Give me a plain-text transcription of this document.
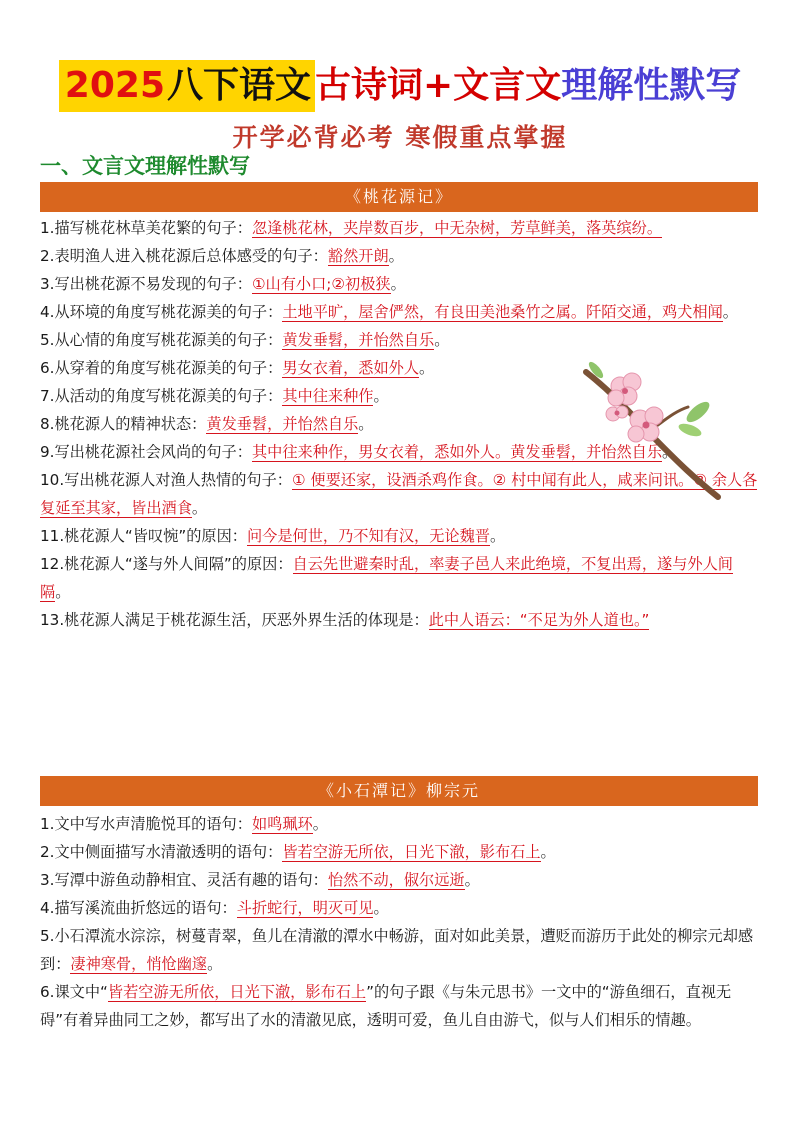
2025 八下语文 古诗词+文言文 理解性默写
开学必背必考 寒假重点掌握
一、文言文理解性默写
《桃花源记》
1.描写桃花林草美花繁的句子：忽逢桃花林，夹岸数百步，中无杂树，芳草鲜美，落英缤纷。
2.表明渔人进入桃花源后总体感受的句子：豁然开朗。
3.写出桃花源不易发现的句子：①山有小口;②初极狭。
4.从环境的角度写桃花源美的句子：土地平旷，屋舍俨然，有良田美池桑竹之属。阡陌交通，鸡犬相闻。
5.从心情的角度写桃花源美的句子：黄发垂髫，并怡然自乐。
6.从穿着的角度写桃花源美的句子：男女衣着，悉如外人。
7.从活动的角度写桃花源美的句子：其中往来种作。
8.桃花源人的精神状态：黄发垂髫，并怡然自乐。
9.写出桃花源社会风尚的句子：其中往来种作，男女衣着，悉如外人。黄发垂髫，并怡然自乐。
10.写出桃花源人对渔人热情的句子：① 便要还家，设酒杀鸡作食。② 村中闻有此人，咸来问讯。③ 余人各复延至其家，皆出酒食。
11.桃花源人“皆叹惋”的原因：问今是何世，乃不知有汉，无论魏晋。
12.桃花源人“遂与外人间隔”的原因：自云先世避秦时乱，率妻子邑人来此绝境，不复出焉，遂与外人间隔。
13.桃花源人满足于桃花源生活，厌恶外界生活的体现是：此中人语云：“不足为外人道也。”
《小石潭记》柳宗元
1.文中写水声清脆悦耳的语句：如鸣珮环。
2.文中侧面描写水清澈透明的语句：皆若空游无所依，日光下澈，影布石上。
3.写潭中游鱼动静相宜、灵活有趣的语句：怡然不动，俶尔远逝。
4.描写溪流曲折悠远的语句：斗折蛇行，明灭可见。
5.小石潭流水淙淙，树蔓青翠，鱼儿在清澈的潭水中畅游，面对如此美景，遭贬而游历于此处的柳宗元却感到：凄神寒骨，悄怆幽邃。
6.课文中“皆若空游无所依，日光下澈，影布石上”的句子跟《与朱元思书》一文中的“游鱼细石，直视无碍”有着异曲同工之妙，都写出了水的清澈见底，透明可爱，鱼儿自由游弋，似与人们相乐的情趣。
